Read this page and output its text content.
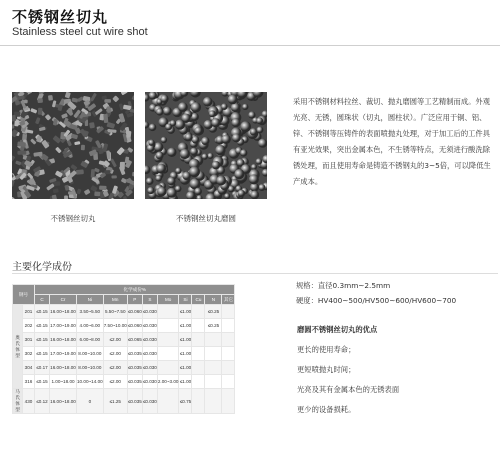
不锈钢丝切丸
Stainless steel cut wire shot
不锈钢丝切丸	不锈钢丝切丸磨圆
采用不锈钢材料拉丝、裁切、抛丸磨圆等工艺精制而成。外观光亮、无锈，圆珠状（切丸，圆柱状）。广泛应用于铜、铝、锌、不锈钢等压铸件的表面喷抛丸处理，对于加工后的工件具有亚光效果，突出金属本色，不生锈等特点，无须进行酸洗除锈处理，而且使用寿命是铸造不锈钢丸的3~5倍，可以降低生产成本。
主要化学成份
钢号		化学成份%										
		C	Cr	Ni	Mn	P	S	Mo	Si	Cu	N	其它
奥氏体型	201	≤0.15	16.00~18.00	3.50~5.50	5.50~7.50	≤0.060	≤0.030		≤1.00		≤0.25	
	202	≤0.15	17.00~19.00	4.00~6.00	7.50~10.00	≤0.060	≤0.030		≤1.00		≤0.25	
	301	≤0.15	16.00~18.00	6.00~8.00	≤2.00	≤0.065	≤0.030		≤1.00			
	302	≤0.15	17.00~19.00	8.00~10.00	≤2.00	≤0.035	≤0.030		≤1.00			
	304	≤0.17	16.00~18.00	8.00~10.00	≤2.00	≤0.035	≤0.030		≤1.00			
	316	≤0.15	1.00~18.00	10.00~14.00	≤2.00	≤0.035	≤0.030	2.00~3.00	≤1.00			
马氏体型	430	≤0.12	16.00~18.00	0	≤1.25	≤0.035	≤0.030		≤0.75			
规格：直径0.3mm~2.5mm
硬度：HV400~500/HV500~600/HV600~700
磨圆不锈钢丝切丸的优点
更长的使用寿命；
更短喷抛丸时间；
光亮及其有金属本色的无锈表面
更少的设备损耗。
